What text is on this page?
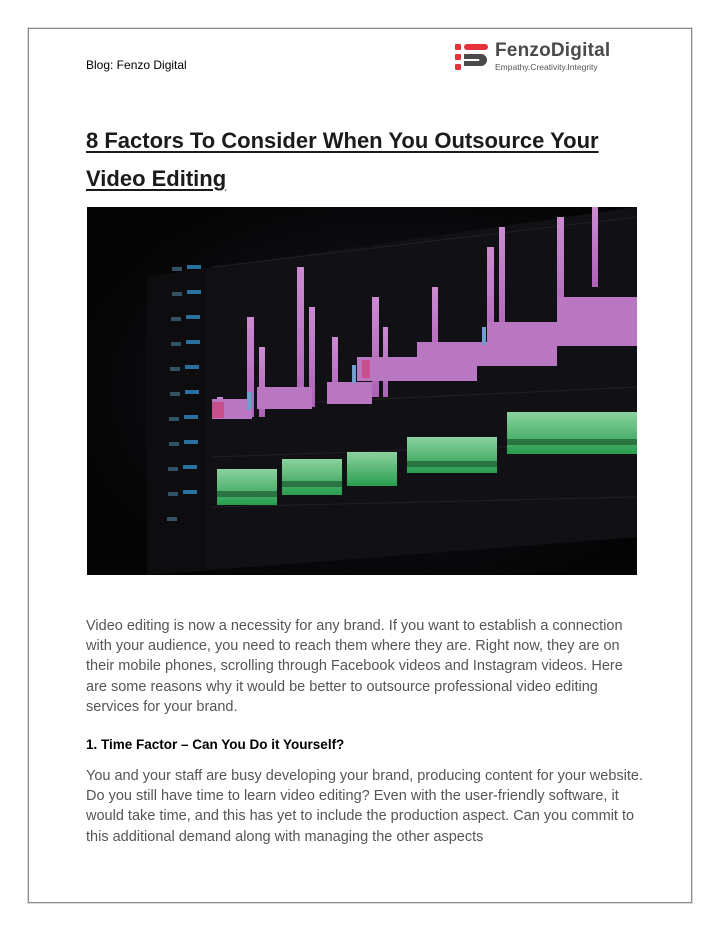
Blog: Fenzo Digital
FenzoDigital
Empathy.Creativity.Integrity
8 Factors To Consider When You Outsource Your Video Editing

Video editing is now a necessity for any brand. If you want to establish a connection with your audience, you need to reach them where they are. Right now, they are on their mobile phones, scrolling through Facebook videos and Instagram videos. Here are some reasons why it would be better to outsource professional video editing services for your brand.

1. Time Factor – Can You Do it Yourself?

You and your staff are busy developing your brand, producing content for your website. Do you still have time to learn video editing? Even with the user-friendly software, it would take time, and this has yet to include the production aspect. Can you commit to this additional demand along with managing the other aspects
